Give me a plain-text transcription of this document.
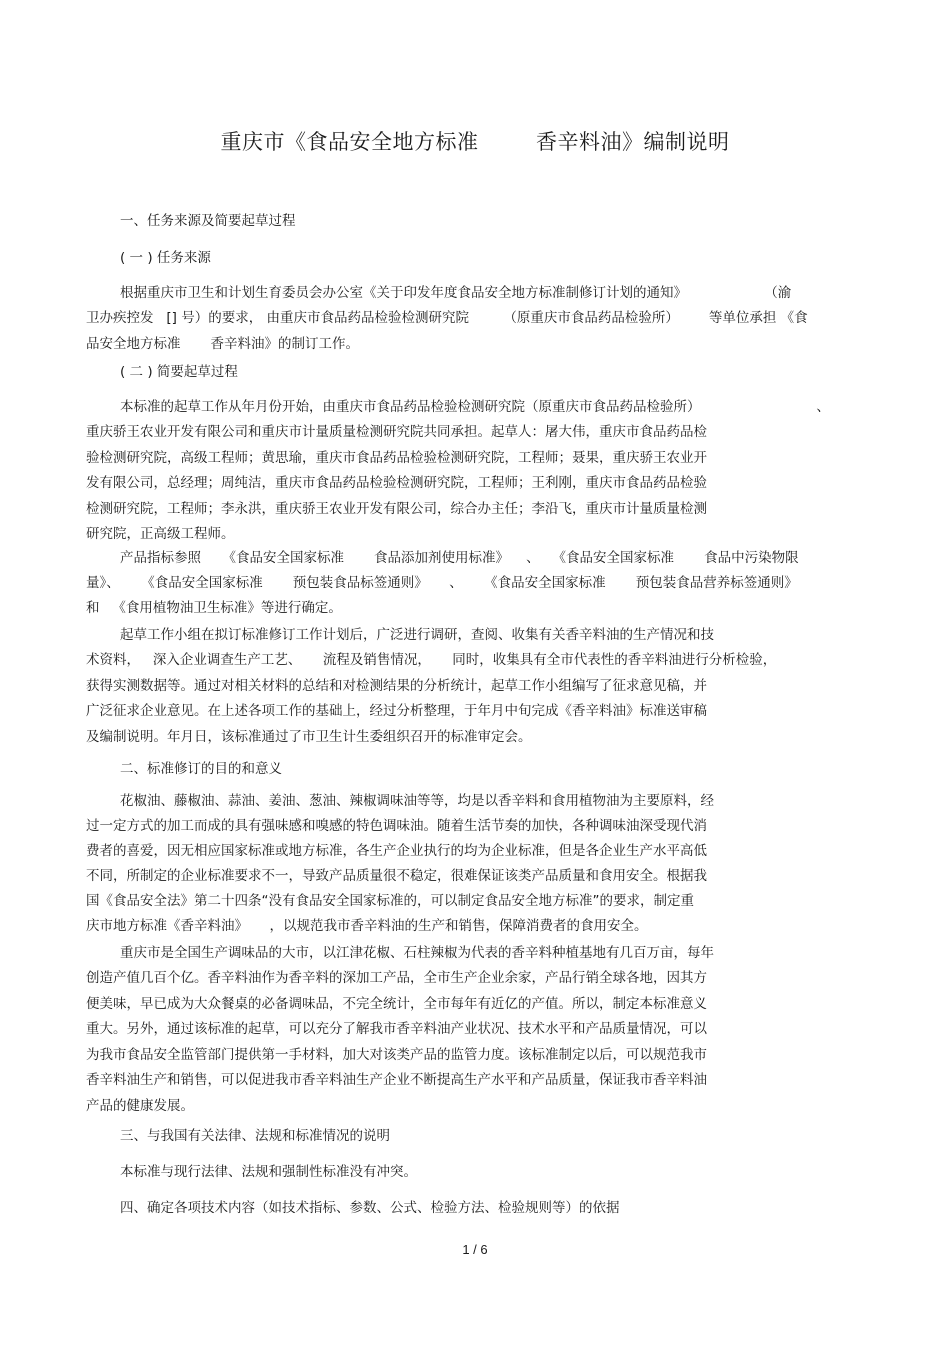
重庆市《食品安全地方标准        香辛料油》编制说明
一、任务来源及简要起草过程
( 一 ) 任务来源
根据重庆市卫生和计划生育委员会办公室《关于印发年度食品安全地方标准制修订计划的通知》                  （渝
卫办疾控发   [] 号）的要求， 由重庆市食品药品检验检测研究院        （原重庆市食品药品检验所）       等单位承担 《食
品安全地方标准       香辛料油》的制订工作。
( 二 ) 简要起草过程
本标准的起草工作从年月份开始，由重庆市食品药品检验检测研究院（原重庆市食品药品检验所）                           、
重庆骄王农业开发有限公司和重庆市计量质量检测研究院共同承担。起草人：屠大伟，重庆市食品药品检
验检测研究院，高级工程师；黄思瑜，重庆市食品药品检验检测研究院，工程师；聂果，重庆骄王农业开
发有限公司，总经理；周纯洁，重庆市食品药品检验检测研究院，工程师；王利刚，重庆市食品药品检验
检测研究院，工程师；李永洪，重庆骄王农业开发有限公司，综合办主任；李沿飞，重庆市计量质量检测
研究院，正高级工程师。
产品指标参照     《食品安全国家标准       食品添加剂使用标准》    、   《食品安全国家标准       食品中污染物限
量》、     《食品安全国家标准       预包装食品标签通则》     、     《食品安全国家标准       预包装食品营养标签通则》
和   《食用植物油卫生标准》等进行确定。
起草工作小组在拟订标准修订工作计划后，广泛进行调研，查阅、收集有关香辛料油的生产情况和技
术资料，   深入企业调查生产工艺、     流程及销售情况，     同时，收集具有全市代表性的香辛料油进行分析检验，
获得实测数据等。通过对相关材料的总结和对检测结果的分析统计，起草工作小组编写了征求意见稿，并
广泛征求企业意见。在上述各项工作的基础上，经过分析整理，于年月中旬完成《香辛料油》标准送审稿
及编制说明。年月日，该标准通过了市卫生计生委组织召开的标准审定会。
二、标准修订的目的和意义
花椒油、藤椒油、蒜油、姜油、葱油、辣椒调味油等等，均是以香辛料和食用植物油为主要原料，经
过一定方式的加工而成的具有强味感和嗅感的特色调味油。随着生活节奏的加快，各种调味油深受现代消
费者的喜爱，因无相应国家标准或地方标准，各生产企业执行的均为企业标准，但是各企业生产水平高低
不同，所制定的企业标准要求不一，导致产品质量很不稳定，很难保证该类产品质量和食用安全。根据我
国《食品安全法》第二十四条“没有食品安全国家标准的，可以制定食品安全地方标准”的要求，制定重
庆市地方标准《香辛料油》     ，以规范我市香辛料油的生产和销售，保障消费者的食用安全。
重庆市是全国生产调味品的大市，以江津花椒、石柱辣椒为代表的香辛料种植基地有几百万亩，每年
创造产值几百个亿。香辛料油作为香辛料的深加工产品，全市生产企业余家，产品行销全球各地，因其方
便美味，早已成为大众餐桌的必备调味品，不完全统计，全市每年有近亿的产值。所以，制定本标准意义
重大。另外，通过该标准的起草，可以充分了解我市香辛料油产业状况、技术水平和产品质量情况，可以
为我市食品安全监管部门提供第一手材料，加大对该类产品的监管力度。该标准制定以后，可以规范我市
香辛料油生产和销售，可以促进我市香辛料油生产企业不断提高生产水平和产品质量，保证我市香辛料油
产品的健康发展。
三、与我国有关法律、法规和标准情况的说明
本标准与现行法律、法规和强制性标准没有冲突。
四、确定各项技术内容（如技术指标、参数、公式、检验方法、检验规则等）的依据
1 / 6
